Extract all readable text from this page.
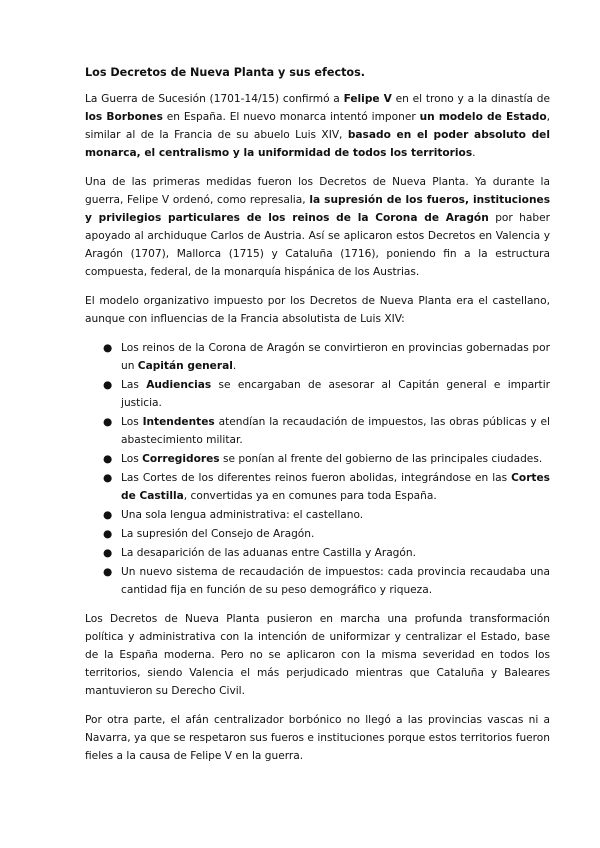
Los Decretos de Nueva Planta y sus efectos.

La Guerra de Sucesión (1701-14/15) confirmó a Felipe V en el trono y a la dinastía de los Borbones en España. El nuevo monarca intentó imponer un modelo de Estado, similar al de la Francia de su abuelo Luis XIV, basado en el poder absoluto del monarca, el centralismo y la uniformidad de todos los territorios.

Una de las primeras medidas fueron los Decretos de Nueva Planta. Ya durante la guerra, Felipe V ordenó, como represalia, la supresión de los fueros, instituciones y privilegios particulares de los reinos de la Corona de Aragón por haber apoyado al archiduque Carlos de Austria. Así se aplicaron estos Decretos en Valencia y Aragón (1707), Mallorca (1715) y Cataluña (1716), poniendo fin a la estructura compuesta, federal, de la monarquía hispánica de los Austrias.

El modelo organizativo impuesto por los Decretos de Nueva Planta era el castellano, aunque con influencias de la Francia absolutista de Luis XIV:

● Los reinos de la Corona de Aragón se convirtieron en provincias gobernadas por un Capitán general.
● Las Audiencias se encargaban de asesorar al Capitán general e impartir justicia.
● Los Intendentes atendían la recaudación de impuestos, las obras públicas y el abastecimiento militar.
● Los Corregidores se ponían al frente del gobierno de las principales ciudades.
● Las Cortes de los diferentes reinos fueron abolidas, integrándose en las Cortes de Castilla, convertidas ya en comunes para toda España.
● Una sola lengua administrativa: el castellano.
● La supresión del Consejo de Aragón.
● La desaparición de las aduanas entre Castilla y Aragón.
● Un nuevo sistema de recaudación de impuestos: cada provincia recaudaba una cantidad fija en función de su peso demográfico y riqueza.

Los Decretos de Nueva Planta pusieron en marcha una profunda transformación política y administrativa con la intención de uniformizar y centralizar el Estado, base de la España moderna. Pero no se aplicaron con la misma severidad en todos los territorios, siendo Valencia el más perjudicado mientras que Cataluña y Baleares mantuvieron su Derecho Civil.

Por otra parte, el afán centralizador borbónico no llegó a las provincias vascas ni a Navarra, ya que se respetaron sus fueros e instituciones porque estos territorios fueron fieles a la causa de Felipe V en la guerra.
